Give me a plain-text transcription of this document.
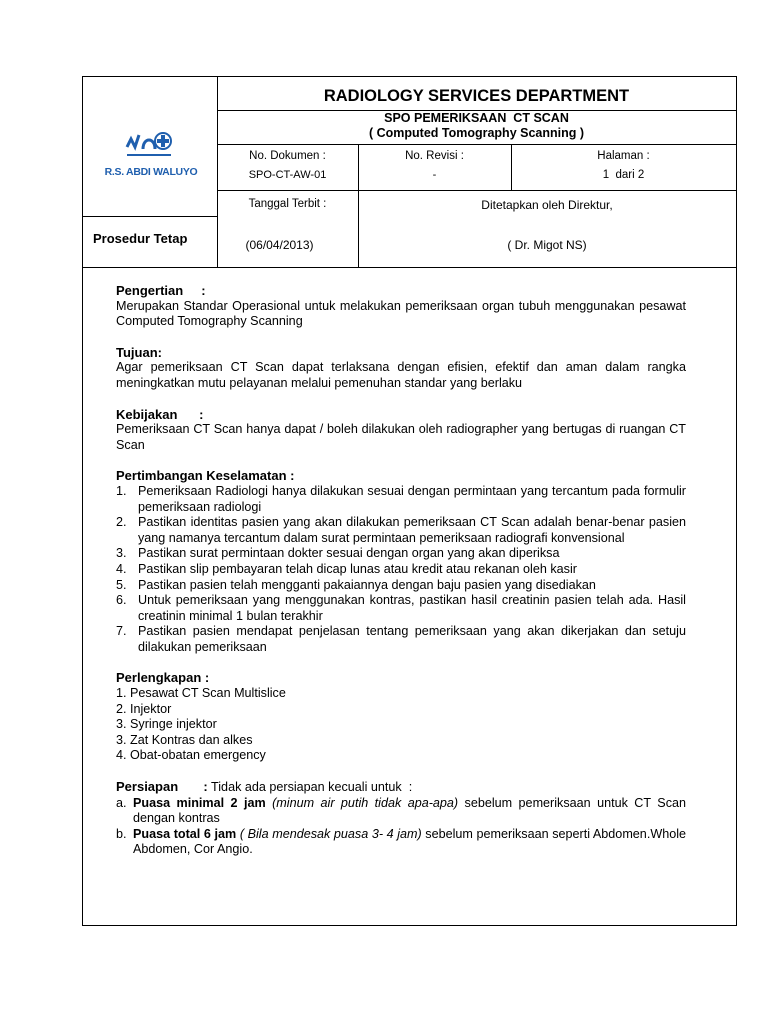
R.S. ABDI WALUYO
RADIOLOGY SERVICES DEPARTMENT
SPO PEMERIKSAAN  CT SCAN
( Computed Tomography Scanning )
No. Dokumen :
SPO-CT-AW-01
No. Revisi :
-
Halaman :
1  dari 2
Prosedur Tetap
Tanggal Terbit :
(06/04/2013)
Ditetapkan oleh Direktur,
( Dr. Migot NS)

Pengertian     :

Merupakan Standar Operasional untuk melakukan pemeriksaan organ tubuh menggunakan pesawat Computed Tomography Scanning

Tujuan:

Agar pemeriksaan CT Scan dapat terlaksana dengan efisien, efektif dan aman dalam rangka meningkatkan mutu pelayanan melalui pemenuhan standar yang berlaku

Kebijakan      :

Pemeriksaan CT Scan hanya dapat / boleh dilakukan oleh radiographer yang bertugas di ruangan CT Scan

Pertimbangan Keselamatan :

1. Pemeriksaan Radiologi hanya dilakukan sesuai dengan permintaan yang tercantum pada formulir pemeriksaan radiologi
2. Pastikan identitas pasien yang akan dilakukan pemeriksaan CT Scan adalah benar-benar pasien yang namanya tercantum dalam surat permintaan pemeriksaan radiografi konvensional
3. Pastikan surat permintaan dokter sesuai dengan organ yang akan diperiksa
4. Pastikan slip pembayaran telah dicap lunas atau kredit atau rekanan oleh kasir
5. Pastikan pasien telah mengganti pakaiannya dengan baju pasien yang disediakan
6. Untuk pemeriksaan yang menggunakan kontras, pastikan hasil creatinin pasien telah ada. Hasil creatinin minimal 1 bulan terakhir
7. Pastikan pasien mendapat penjelasan tentang pemeriksaan yang akan dikerjakan dan setuju dilakukan pemeriksaan

Perlengkapan :

1. Pesawat CT Scan Multislice

2. Injektor

3. Syringe injektor

3. Zat Kontras dan alkes

4. Obat-obatan emergency

Persiapan       : Tidak ada persiapan kecuali untuk  :

a. Puasa minimal 2 jam (minum air putih tidak apa-apa) sebelum pemeriksaan untuk CT Scan dengan kontras
b. Puasa total 6 jam ( Bila mendesak puasa 3- 4 jam) sebelum pemeriksaan seperti Abdomen.Whole Abdomen, Cor Angio.
